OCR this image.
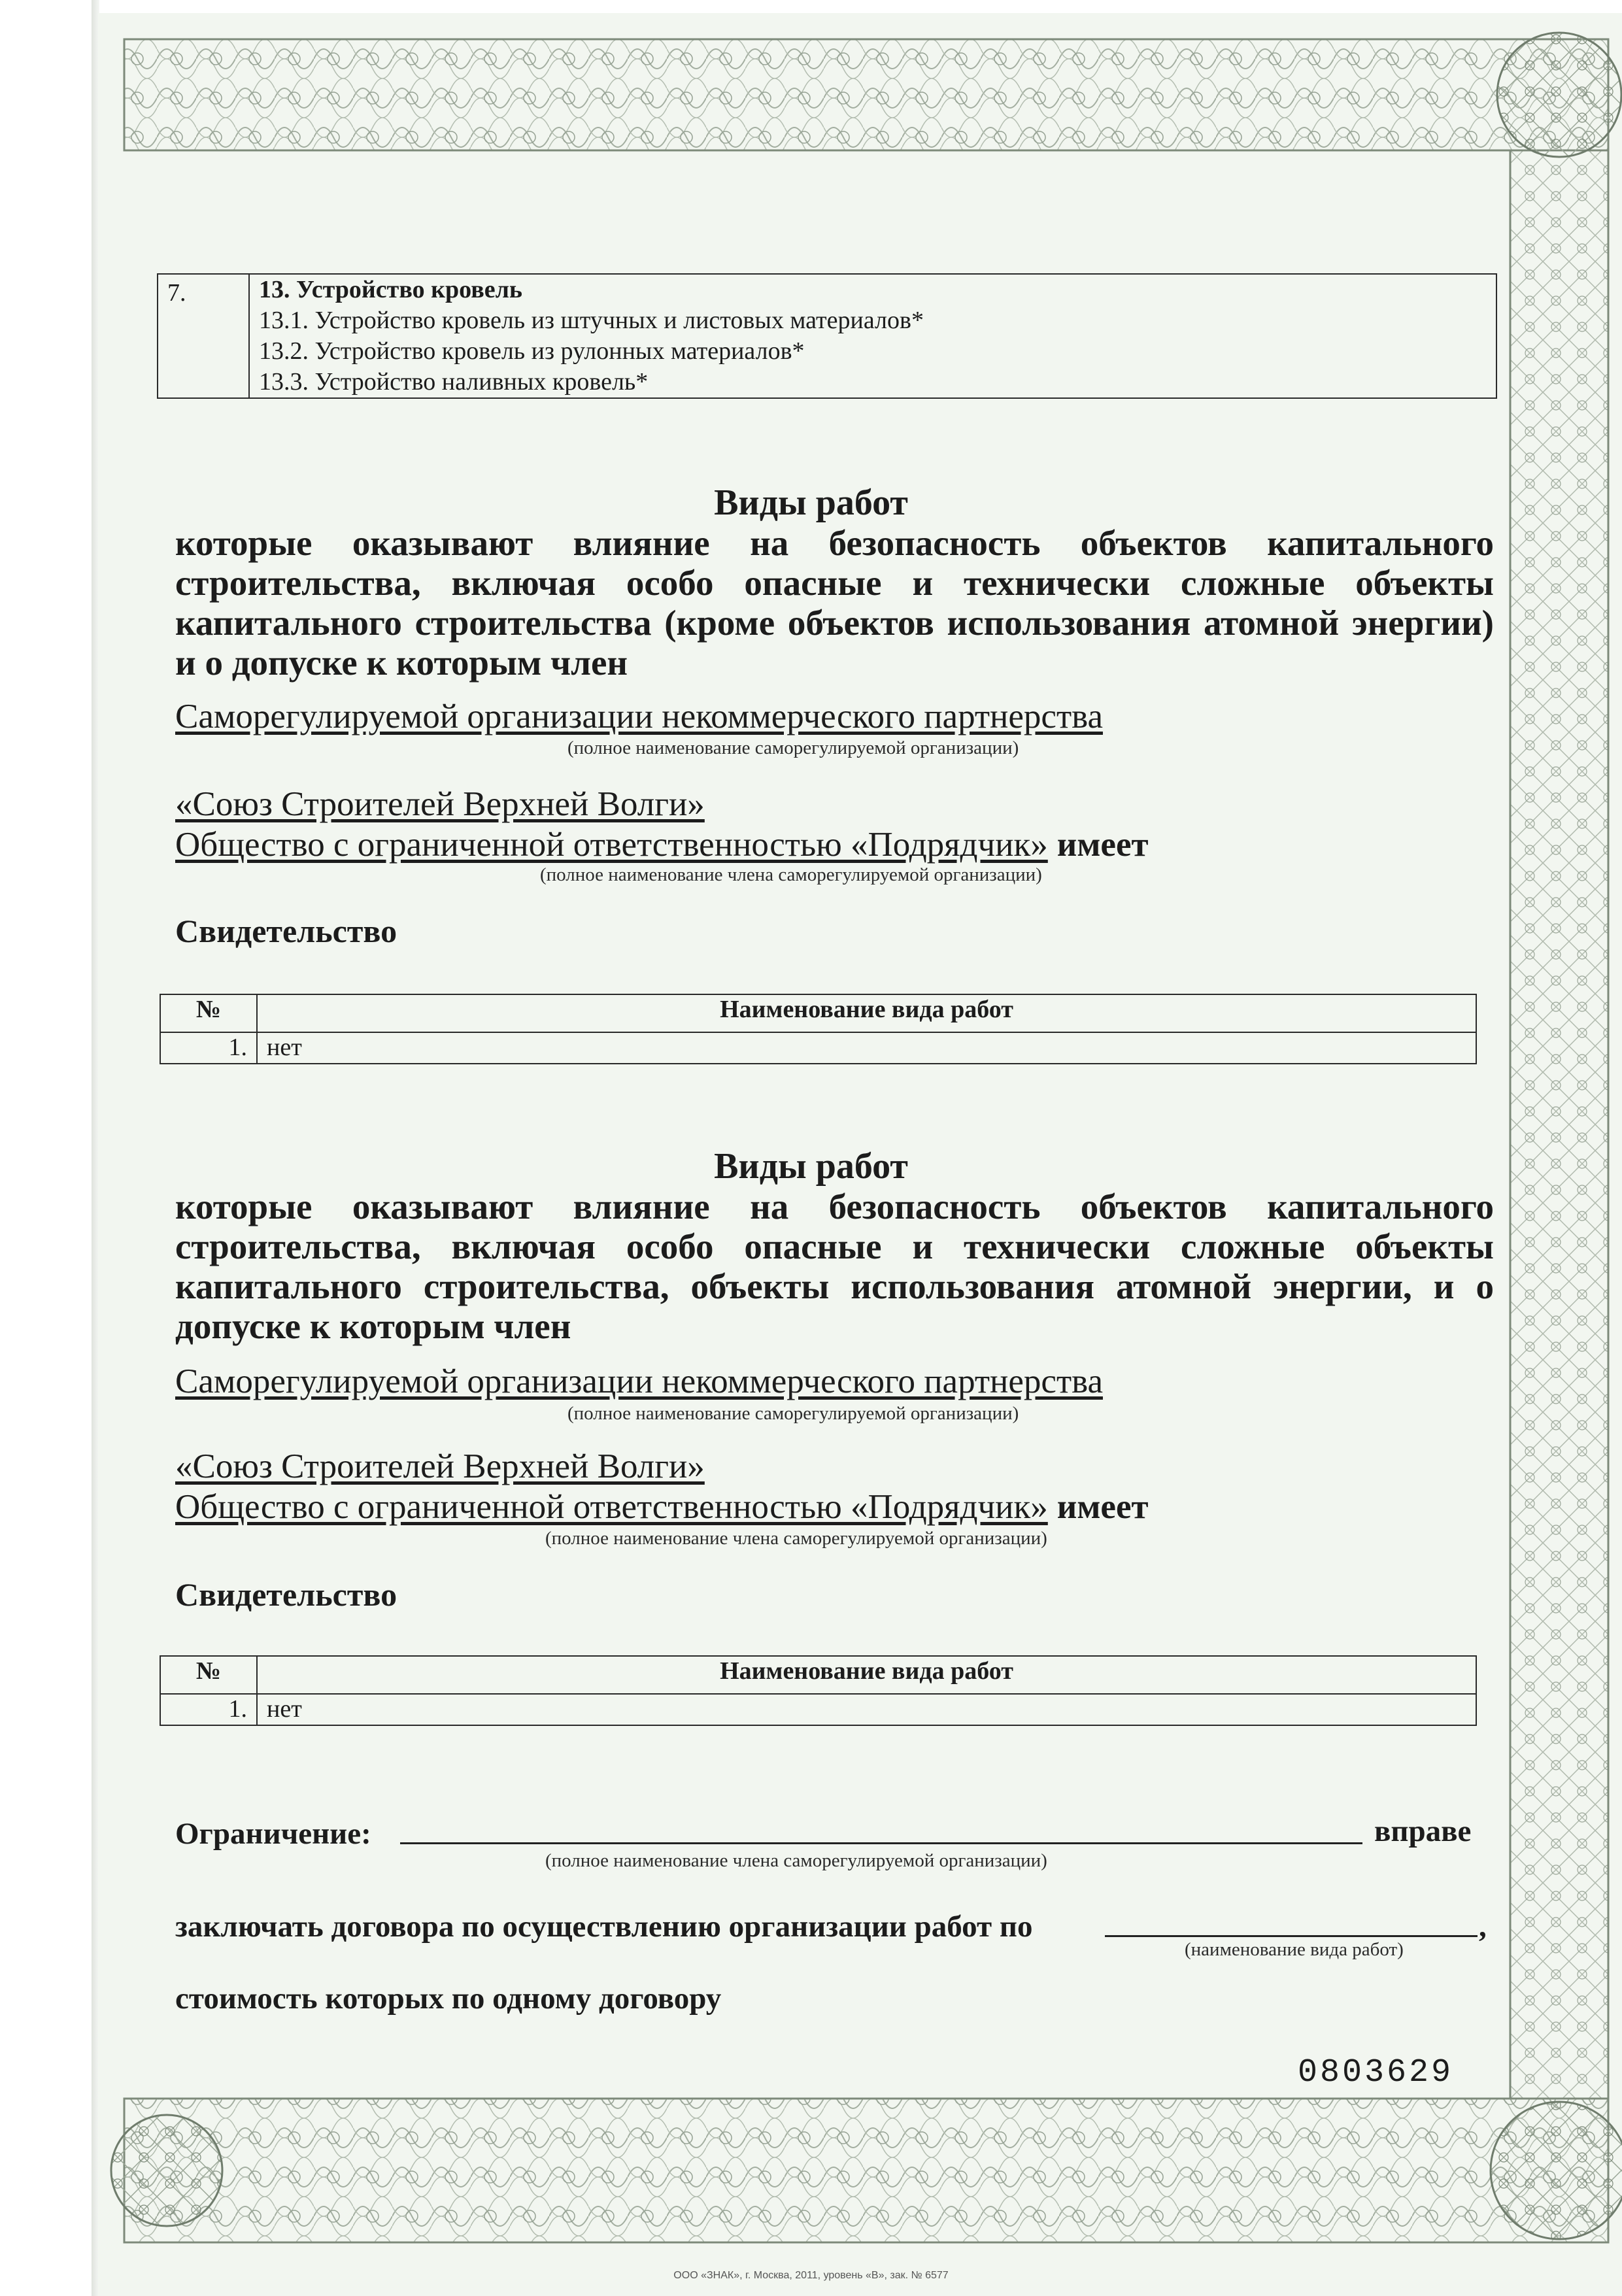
7.	13. Устройство кровель
13.1. Устройство кровель из штучных и листовых материалов*
13.2. Устройство кровель из рулонных материалов*
13.3. Устройство наливных кровель*
Виды работ
которые оказывают влияние на безопасность объектов капитального строительства, включая особо опасные и технически сложные объекты капитального строительства (кроме объектов использования атомной энергии) и о допуске к которым член
Саморегулируемой организации некоммерческого партнерства
(полное наименование саморегулируемой организации)
«Союз Строителей Верхней Волги»
Общество с ограниченной ответственностью «Подрядчик» имеет
(полное наименование члена саморегулируемой организации)
Свидетельство
№	Наименование вида работ
1.	нет
Виды работ
которые оказывают влияние на безопасность объектов капитального строительства, включая особо опасные и технически сложные объекты капитального строительства, объекты использования атомной энергии, и о допуске к которым член
Саморегулируемой организации некоммерческого партнерства
(полное наименование саморегулируемой организации)
«Союз Строителей Верхней Волги»
Общество с ограниченной ответственностью «Подрядчик» имеет
(полное наименование члена саморегулируемой организации)
Свидетельство
№	Наименование вида работ
1.	нет
Ограничение:	вправе
(полное наименование члена саморегулируемой организации)
заключать договора по осуществлению организации работ по	,
(наименование вида работ)
стоимость которых по одному договору
0803629
ООО «ЗНАК», г. Москва, 2011, уровень «В», зак. № 6577
